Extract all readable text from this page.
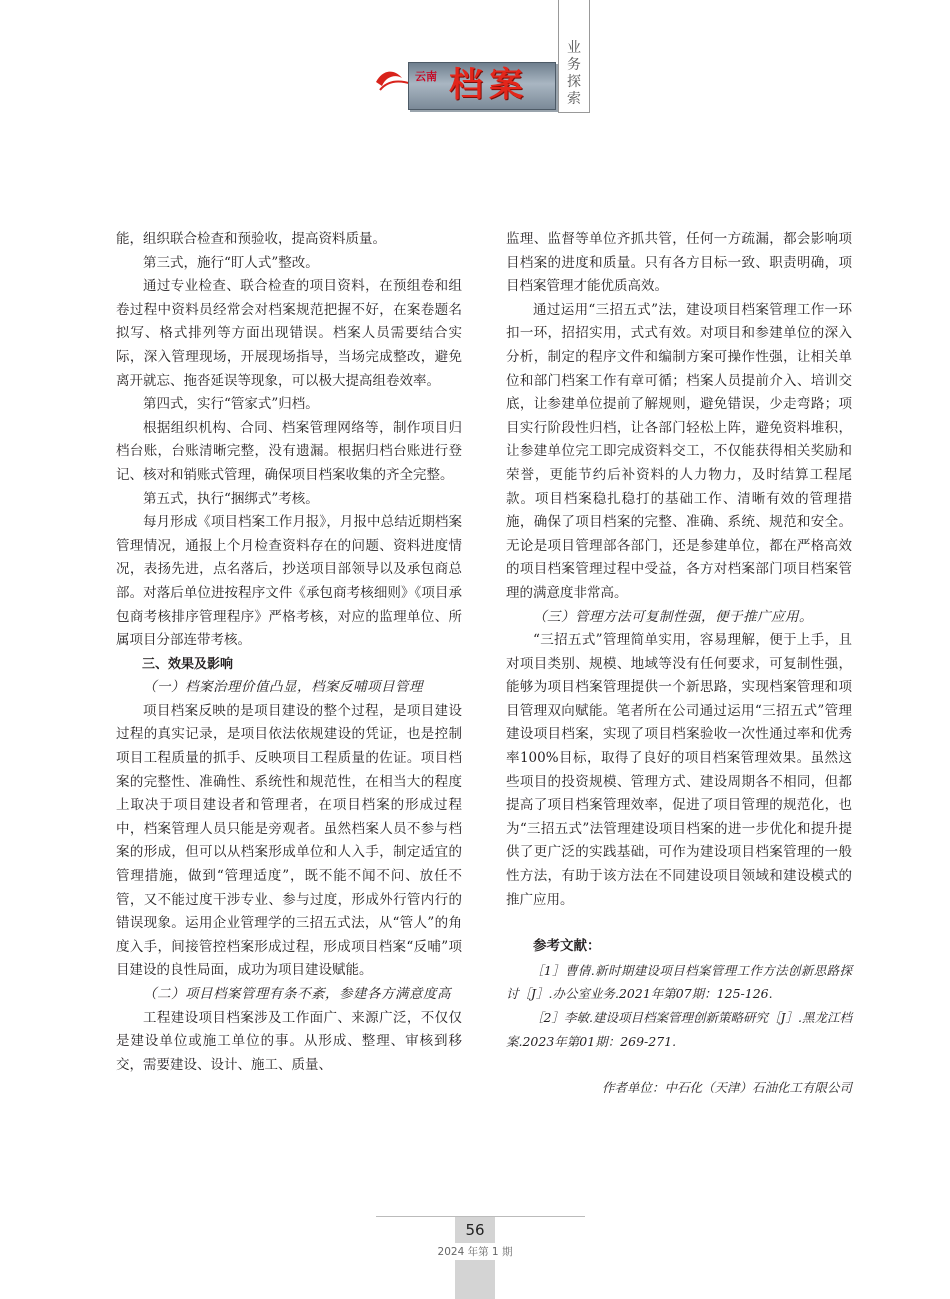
云南 档案
业务探索

能，组织联合检查和预验收，提高资料质量。

第三式，施行“盯人式”整改。

通过专业检查、联合检查的项目资料，在预组卷和组卷过程中资料员经常会对档案规范把握不好，在案卷题名拟写、格式排列等方面出现错误。档案人员需要结合实际，深入管理现场，开展现场指导，当场完成整改，避免离开就忘、拖沓延误等现象，可以极大提高组卷效率。

第四式，实行“管家式”归档。

根据组织机构、合同、档案管理网络等，制作项目归档台账，台账清晰完整，没有遗漏。根据归档台账进行登记、核对和销账式管理，确保项目档案收集的齐全完整。

第五式，执行“捆绑式”考核。

每月形成《项目档案工作月报》，月报中总结近期档案管理情况，通报上个月检查资料存在的问题、资料进度情况，表扬先进，点名落后，抄送项目部领导以及承包商总部。对落后单位进按程序文件《承包商考核细则》《项目承包商考核排序管理程序》严格考核，对应的监理单位、所属项目分部连带考核。

三、效果及影响

（一）档案治理价值凸显，档案反哺项目管理

项目档案反映的是项目建设的整个过程，是项目建设过程的真实记录，是项目依法依规建设的凭证，也是控制项目工程质量的抓手、反映项目工程质量的佐证。项目档案的完整性、准确性、系统性和规范性，在相当大的程度上取决于项目建设者和管理者，在项目档案的形成过程中，档案管理人员只能是旁观者。虽然档案人员不参与档案的形成，但可以从档案形成单位和人入手，制定适宜的管理措施，做到“管理适度”，既不能不闻不问、放任不管，又不能过度干涉专业、参与过度，形成外行管内行的错误现象。运用企业管理学的三招五式法，从“管人”的角度入手，间接管控档案形成过程，形成项目档案“反哺”项目建设的良性局面，成功为项目建设赋能。

（二）项目档案管理有条不紊，参建各方满意度高

工程建设项目档案涉及工作面广、来源广泛，不仅仅是建设单位或施工单位的事。从形成、整理、审核到移交，需要建设、设计、施工、质量、

监理、监督等单位齐抓共管，任何一方疏漏，都会影响项目档案的进度和质量。只有各方目标一致、职责明确，项目档案管理才能优质高效。

通过运用“三招五式”法，建设项目档案管理工作一环扣一环，招招实用，式式有效。对项目和参建单位的深入分析，制定的程序文件和编制方案可操作性强，让相关单位和部门档案工作有章可循；档案人员提前介入、培训交底，让参建单位提前了解规则，避免错误，少走弯路；项目实行阶段性归档，让各部门轻松上阵，避免资料堆积，让参建单位完工即完成资料交工，不仅能获得相关奖励和荣誉，更能节约后补资料的人力物力，及时结算工程尾款。项目档案稳扎稳打的基础工作、清晰有效的管理措施，确保了项目档案的完整、准确、系统、规范和安全。无论是项目管理部各部门，还是参建单位，都在严格高效的项目档案管理过程中受益，各方对档案部门项目档案管理的满意度非常高。

（三）管理方法可复制性强，便于推广应用。

“三招五式”管理简单实用，容易理解，便于上手，且对项目类别、规模、地域等没有任何要求，可复制性强，能够为项目档案管理提供一个新思路，实现档案管理和项目管理双向赋能。笔者所在公司通过运用“三招五式”管理建设项目档案，实现了项目档案验收一次性通过率和优秀率100%目标，取得了良好的项目档案管理效果。虽然这些项目的投资规模、管理方式、建设周期各不相同，但都提高了项目档案管理效率，促进了项目管理的规范化，也为“三招五式”法管理建设项目档案的进一步优化和提升提供了更广泛的实践基础，可作为建设项目档案管理的一般性方法，有助于该方法在不同建设项目领域和建设模式的推广应用。

参考文献：

［1］曹倩.新时期建设项目档案管理工作方法创新思路探讨［J］.办公室业务.2021年第07期：125-126.

［2］李敏.建设项目档案管理创新策略研究［J］.黑龙江档案.2023年第01期：269-271.

作者单位：中石化（天津）石油化工有限公司

56
2024 年第 1 期
